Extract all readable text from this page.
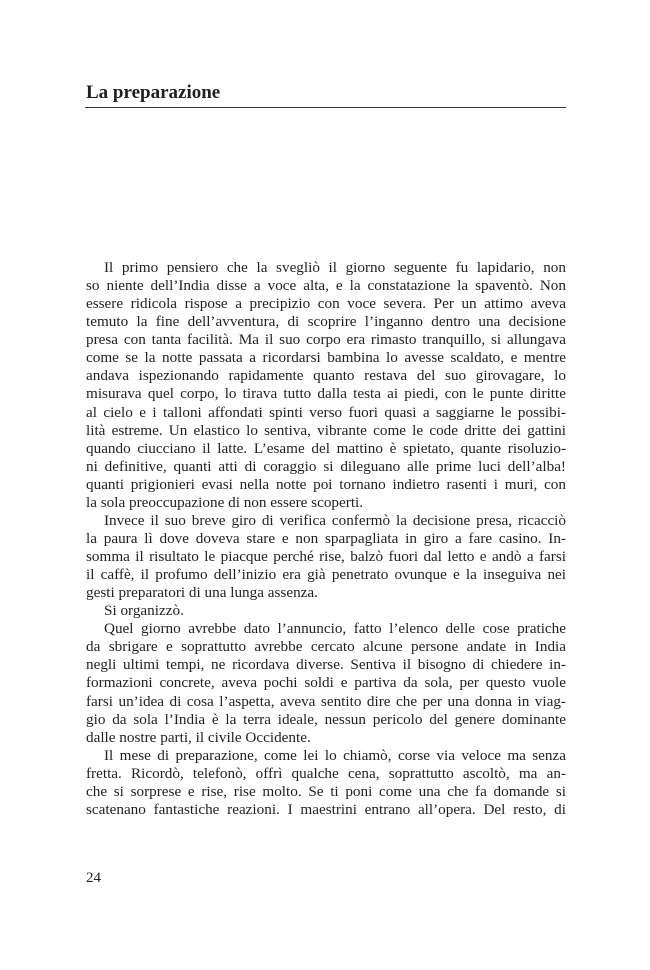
La preparazione
Il primo pensiero che la svegliò il giorno seguente fu lapidario, non
so niente dell’India disse a voce alta, e la constatazione la spaventò. Non
essere ridicola rispose a precipizio con voce severa. Per un attimo aveva
temuto la fine dell’avventura, di scoprire l’inganno dentro una decisione
presa con tanta facilità. Ma il suo corpo era rimasto tranquillo, si allungava
come se la notte passata a ricordarsi bambina lo avesse scaldato, e mentre
andava ispezionando rapidamente quanto restava del suo girovagare, lo
misurava quel corpo, lo tirava tutto dalla testa ai piedi, con le punte diritte
al cielo e i talloni affondati spinti verso fuori quasi a saggiarne le possibi-
lità estreme. Un elastico lo sentiva, vibrante come le code dritte dei gattini
quando ciucciano il latte. L’esame del mattino è spietato, quante risoluzio-
ni definitive, quanti atti di coraggio si dileguano alle prime luci dell’alba!
quanti prigionieri evasi nella notte poi tornano indietro rasenti i muri, con
la sola preoccupazione di non essere scoperti.
Invece il suo breve giro di verifica confermò la decisione presa, ricacciò
la paura lì dove doveva stare e non sparpagliata in giro a fare casino. In-
somma il risultato le piacque perché rise, balzò fuori dal letto e andò a farsi
il caffè, il profumo dell’inizio era già penetrato ovunque e la inseguiva nei
gesti preparatori di una lunga assenza.
Si organizzò.
Quel giorno avrebbe dato l’annuncio, fatto l’elenco delle cose pratiche
da sbrigare e soprattutto avrebbe cercato alcune persone andate in India
negli ultimi tempi, ne ricordava diverse. Sentiva il bisogno di chiedere in-
formazioni concrete, aveva pochi soldi e partiva da sola, per questo vuole
farsi un’idea di cosa l’aspetta, aveva sentito dire che per una donna in viag-
gio da sola l’India è la terra ideale, nessun pericolo del genere dominante
dalle nostre parti, il civile Occidente.
Il mese di preparazione, come lei lo chiamò, corse via veloce ma senza
fretta. Ricordò, telefonò, offrì qualche cena, soprattutto ascoltò, ma an-
che si sorprese e rise, rise molto. Se ti poni come una che fa domande si
scatenano fantastiche reazioni. I maestrini entrano all’opera. Del resto, di
24
